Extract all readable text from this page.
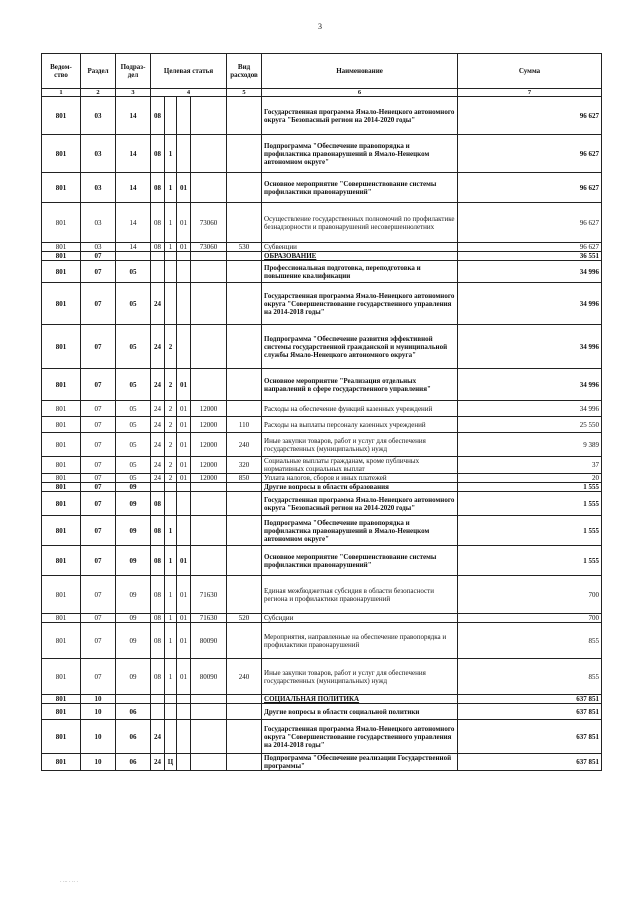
3
Ведом-ство	Раздел	Подраз-дел	Целевая статья				Вид расходов	Наименование	Сумма
1	2	3	4				5	6	7
801	03	14	08					Государственная программа Ямало-Ненецкого автономного округа "Безопасный регион на 2014-2020 годы"	96 627
801	03	14	08	1				Подпрограмма "Обеспечение правопорядка и профилактика правонарушений в Ямало-Ненецком автономном округе"	96 627
801	03	14	08	1	01			Основное мероприятие "Совершенствование системы профилактики правонарушений"	96 627
801	03	14	08	1	01	73060		Осуществление государственных полномочий по профилактике безнадзорности и правонарушений несовершеннолетних	96 627
801	03	14	08	1	01	73060	530	Субвенции	96 627
801	07							ОБРАЗОВАНИЕ	36 551
801	07	05						Профессиональная подготовка, переподготовка и повышение квалификации	34 996
801	07	05	24					Государственная программа Ямало-Ненецкого автономного округа "Совершенствование государственного управления на 2014-2018 годы"	34 996
801	07	05	24	2				Подпрограмма "Обеспечение развития эффективной системы государственной гражданской и муниципальной службы Ямало-Ненецкого автономного округа"	34 996
801	07	05	24	2	01			Основное мероприятие "Реализация отдельных направлений в сфере государственного управления"	34 996
801	07	05	24	2	01	12000		Расходы на обеспечение функций казенных учреждений	34 996
801	07	05	24	2	01	12000	110	Расходы на выплаты персоналу казенных учреждений	25 550
801	07	05	24	2	01	12000	240	Иные закупки товаров, работ и услуг для обеспечения государственных (муниципальных) нужд	9 389
801	07	05	24	2	01	12000	320	Социальные выплаты гражданам, кроме публичных нормативных социальных выплат	37
801	07	05	24	2	01	12000	850	Уплата налогов, сборов и иных платежей	20
801	07	09						Другие вопросы в области образования	1 555
801	07	09	08					Государственная программа Ямало-Ненецкого автономного округа "Безопасный регион на 2014-2020 годы"	1 555
801	07	09	08	1				Подпрограмма "Обеспечение правопорядка и профилактика правонарушений в Ямало-Ненецком автономном округе"	1 555
801	07	09	08	1	01			Основное мероприятие "Совершенствование системы профилактики правонарушений"	1 555
801	07	09	08	1	01	71630		Единая межбюджетная субсидия в области безопасности региона и профилактики правонарушений	700
801	07	09	08	1	01	71630	520	Субсидии	700
801	07	09	08	1	01	80090		Мероприятия, направленные на обеспечение правопорядка и профилактики правонарушений	855
801	07	09	08	1	01	80090	240	Иные закупки товаров, работ и услуг для обеспечения государственных (муниципальных) нужд	855
801	10							СОЦИАЛЬНАЯ ПОЛИТИКА	637 851
801	10	06						Другие вопросы в области социальной политики	637 851
801	10	06	24					Государственная программа Ямало-Ненецкого автономного округа "Совершенствование государственного управления на 2014-2018 годы"	637 851
801	10	06	24	Ц				Подпрограмма "Обеспечение реализации Государственной программы"	637 851
. ... . .. .
